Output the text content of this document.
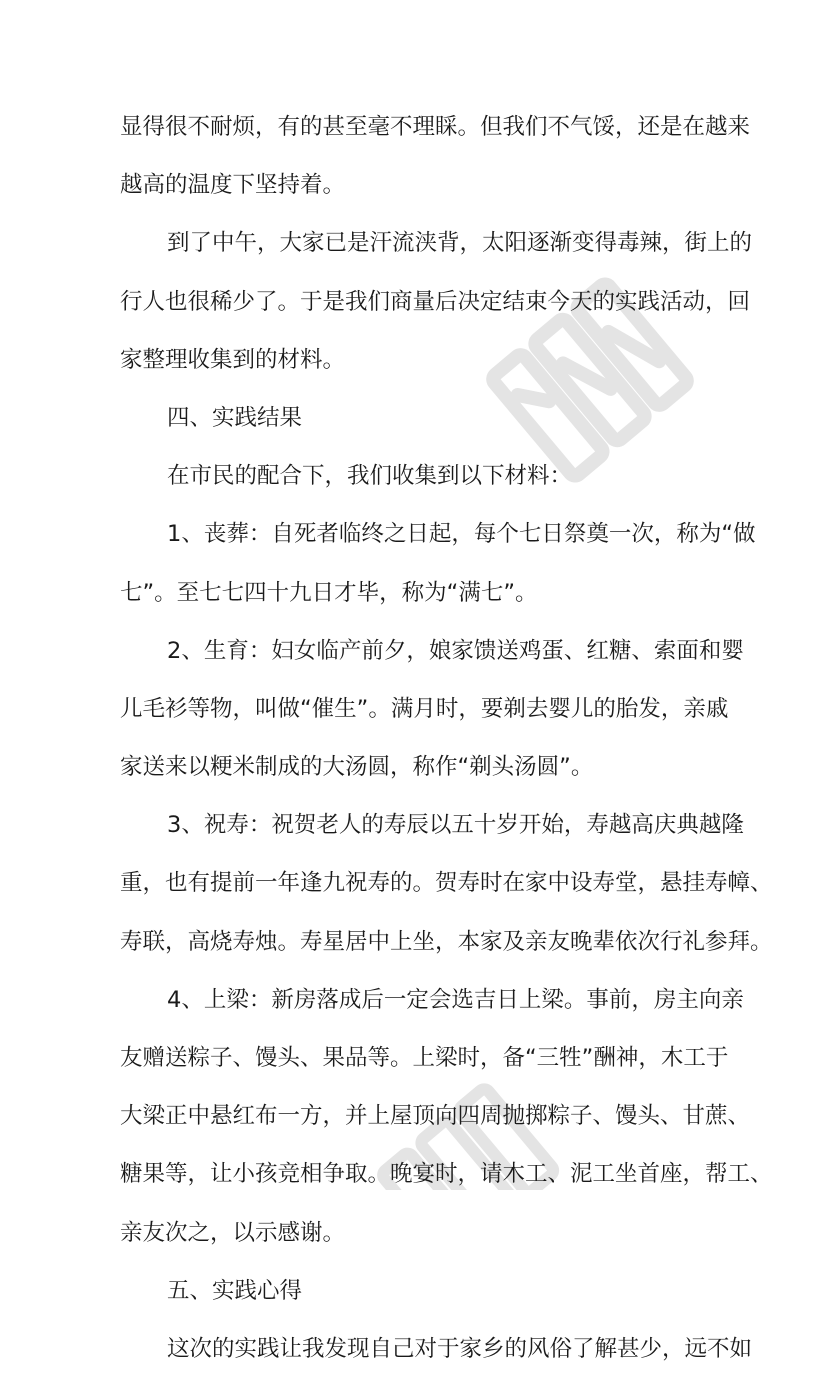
显得很不耐烦，有的甚至毫不理睬。但我们不气馁，还是在越来
越高的温度下坚持着。
到了中午，大家已是汗流浃背，太阳逐渐变得毒辣，街上的
行人也很稀少了。于是我们商量后决定结束今天的实践活动，回
家整理收集到的材料。
四、实践结果
在市民的配合下，我们收集到以下材料：
1、丧葬：自死者临终之日起，每个七日祭奠一次，称为“做
七”。至七七四十九日才毕，称为“满七”。
2、生育：妇女临产前夕，娘家馈送鸡蛋、红糖、索面和婴
儿毛衫等物，叫做“催生”。满月时，要剃去婴儿的胎发，亲戚
家送来以粳米制成的大汤圆，称作“剃头汤圆”。
3、祝寿：祝贺老人的寿辰以五十岁开始，寿越高庆典越隆
重，也有提前一年逢九祝寿的。贺寿时在家中设寿堂，悬挂寿幛、
寿联，高烧寿烛。寿星居中上坐，本家及亲友晚辈依次行礼参拜。
4、上梁：新房落成后一定会选吉日上梁。事前，房主向亲
友赠送粽子、馒头、果品等。上梁时，备“三牲”酬神，木工于
大梁正中悬红布一方，并上屋顶向四周抛掷粽子、馒头、甘蔗、
糖果等，让小孩竞相争取。晚宴时，请木工、泥工坐首座，帮工、
亲友次之，以示感谢。
五、实践心得
这次的实践让我发现自己对于家乡的风俗了解甚少，远不如
